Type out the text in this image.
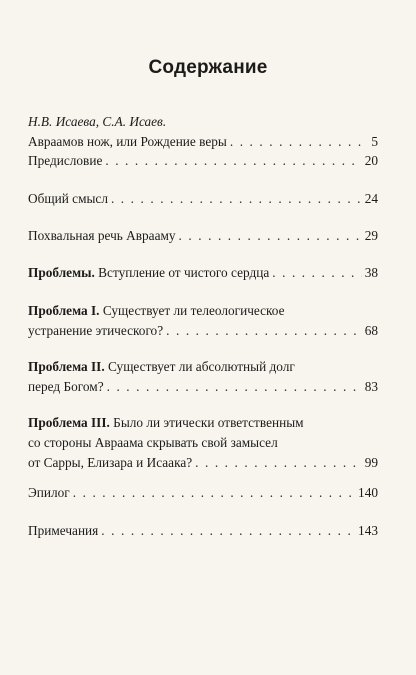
Содержание
Н.В. Исаева, С.А. Исаев.
Авраамов нож, или Рождение веры . . .	5
Предисловие . . .	20
Общий смысл . . .	24
Похвальная речь Аврааму . . .	29
Проблемы. Вступление от чистого сердца . . .	38
Проблема I. Существует ли телеологическое
устранение этического? . . .	68
Проблема II. Существует ли абсолютный долг
перед Богом? . . .	83
Проблема III. Было ли этически ответственным
со стороны Авраама скрывать свой замысел
от Сарры, Елизара и Исаака? . . .	99
Эпилог . . .	140
Примечания . . .	143
